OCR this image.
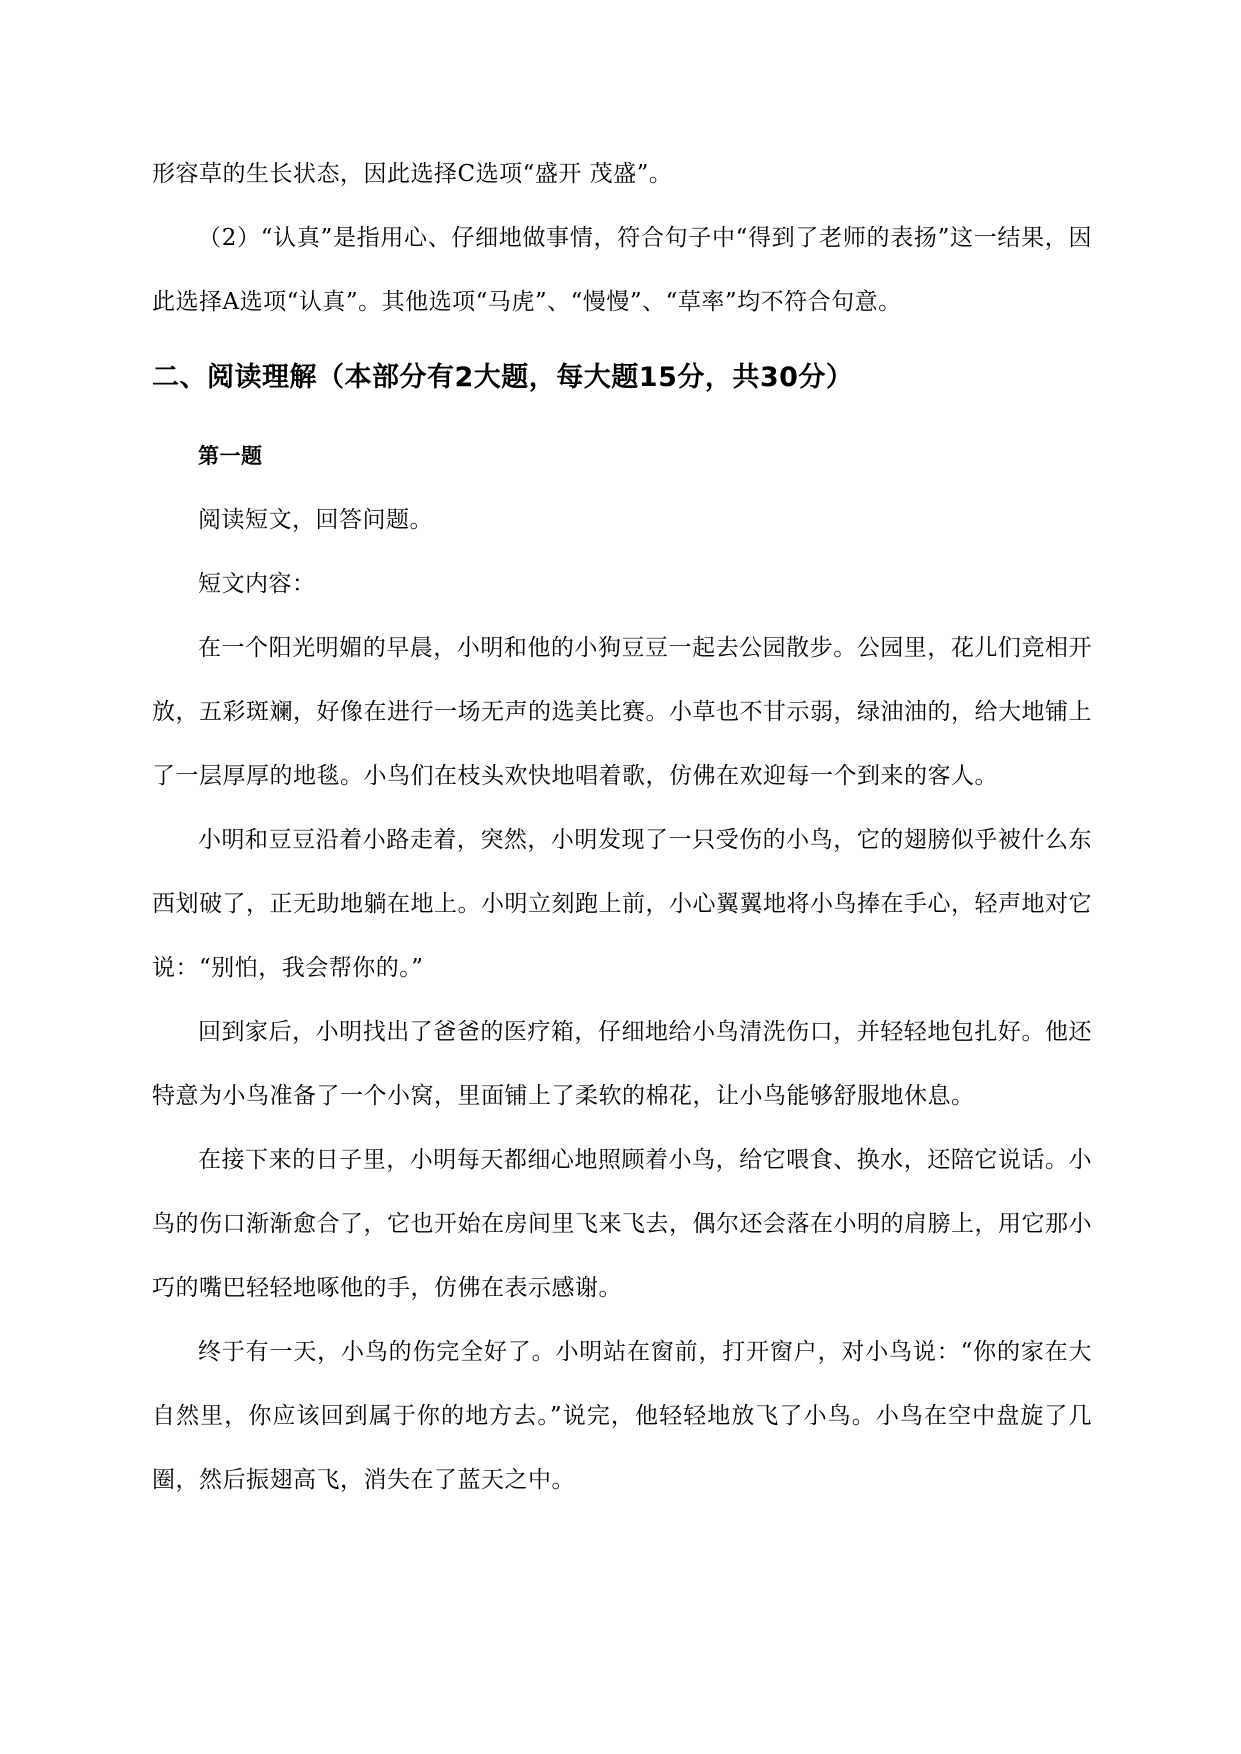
形容草的生长状态，因此选择C选项“盛开 茂盛”。

（2）“认真”是指用心、仔细地做事情，符合句子中“得到了老师的表扬”这一结果，因此选择A选项“认真”。其他选项“马虎”、“慢慢”、“草率”均不符合句意。

二、阅读理解（本部分有2大题，每大题15分，共30分）

第一题

阅读短文，回答问题。

短文内容：

在一个阳光明媚的早晨，小明和他的小狗豆豆一起去公园散步。公园里，花儿们竞相开放，五彩斑斓，好像在进行一场无声的选美比赛。小草也不甘示弱，绿油油的，给大地铺上了一层厚厚的地毯。小鸟们在枝头欢快地唱着歌，仿佛在欢迎每一个到来的客人。

小明和豆豆沿着小路走着，突然，小明发现了一只受伤的小鸟，它的翅膀似乎被什么东西划破了，正无助地躺在地上。小明立刻跑上前，小心翼翼地将小鸟捧在手心，轻声地对它说：“别怕，我会帮你的。”

回到家后，小明找出了爸爸的医疗箱，仔细地给小鸟清洗伤口，并轻轻地包扎好。他还特意为小鸟准备了一个小窝，里面铺上了柔软的棉花，让小鸟能够舒服地休息。

在接下来的日子里，小明每天都细心地照顾着小鸟，给它喂食、换水，还陪它说话。小鸟的伤口渐渐愈合了，它也开始在房间里飞来飞去，偶尔还会落在小明的肩膀上，用它那小巧的嘴巴轻轻地啄他的手，仿佛在表示感谢。

终于有一天，小鸟的伤完全好了。小明站在窗前，打开窗户，对小鸟说：“你的家在大自然里，你应该回到属于你的地方去。”说完，他轻轻地放飞了小鸟。小鸟在空中盘旋了几圈，然后振翅高飞，消失在了蓝天之中。
